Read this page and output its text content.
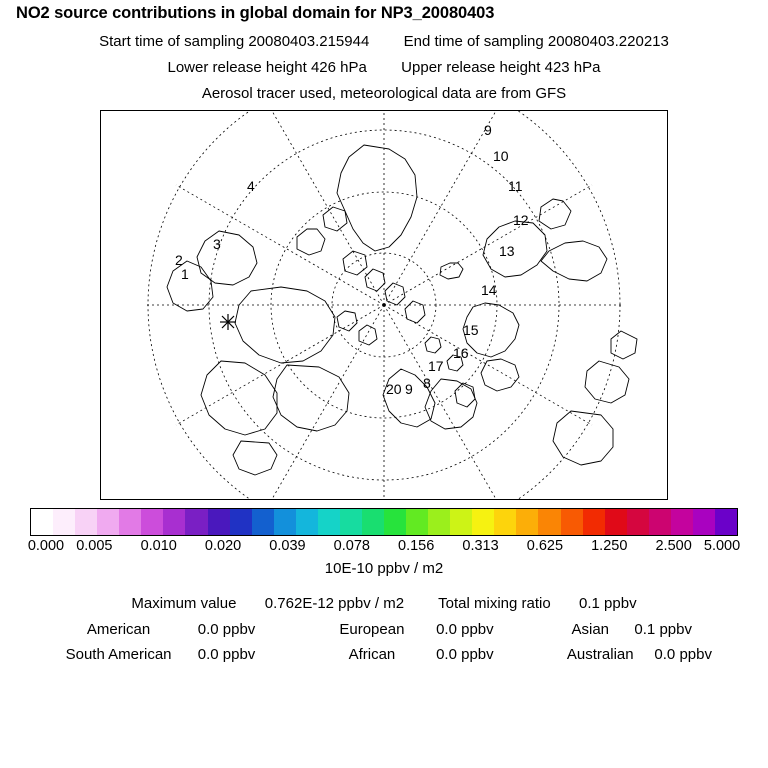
NO2 source contributions in global domain for NP3_20080403
Start time of sampling 20080403.215944 End time of sampling 20080403.220213
Lower release height 426 hPa Upper release height 423 hPa
Aerosol tracer used, meteorological data are from GFS
9
10
11
12
13
14
15
16
17
8
9
20
4
3
2
1
0.000 0.005 0.010 0.020 0.039 0.078 0.156 0.313 0.625 1.250 2.500 5.000
10E-10 ppbv / m2
Maximum value 0.762E-12 ppbv / m2 Total mixing ratio 0.1 ppbv
American	0.0 ppbv	European 0.0 ppbv	Asian 0.1 ppbv
South American 0.0 ppbv	African	0.0 ppbv	Australian 0.0 ppbv
